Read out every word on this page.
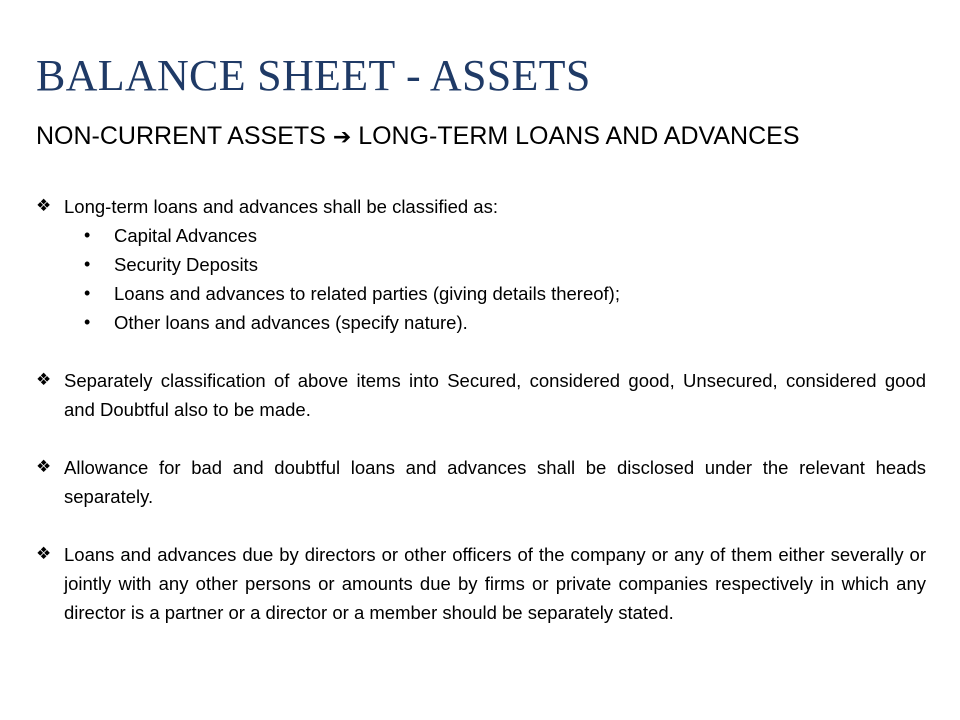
BALANCE SHEET - ASSETS
NON-CURRENT ASSETS ➔ LONG-TERM LOANS AND ADVANCES
❖ Long-term loans and advances shall be classified as:
• Capital Advances
• Security Deposits
• Loans and advances to related parties (giving details thereof);
• Other loans and advances (specify nature).
❖ Separately classification of above items into Secured, considered good, Unsecured, considered good and Doubtful also to be made.
❖ Allowance for bad and doubtful loans and advances shall be disclosed under the relevant heads separately.
❖ Loans and advances due by directors or other officers of the company or any of them either severally or jointly with any other persons or amounts due by firms or private companies respectively in which any director is a partner or a director or a member should be separately stated.
